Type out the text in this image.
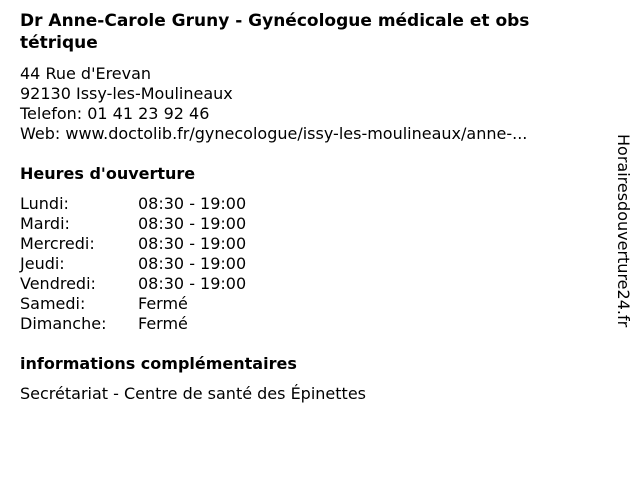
Dr Anne-Carole Gruny - Gynécologue médicale et obs
tétrique
44 Rue d'Erevan
92130 Issy-les-Moulineaux
Telefon: 01 41 23 92 46
Web: www.doctolib.fr/gynecologue/issy-les-moulineaux/anne-...
Heures d'ouverture
Lundi:	08:30 - 19:00
Mardi:	08:30 - 19:00
Mercredi:	08:30 - 19:00
Jeudi:	08:30 - 19:00
Vendredi:	08:30 - 19:00
Samedi:	Fermé
Dimanche: Fermé
informations complémentaires
Secrétariat - Centre de santé des Épinettes
Horairesdouverture24.fr
